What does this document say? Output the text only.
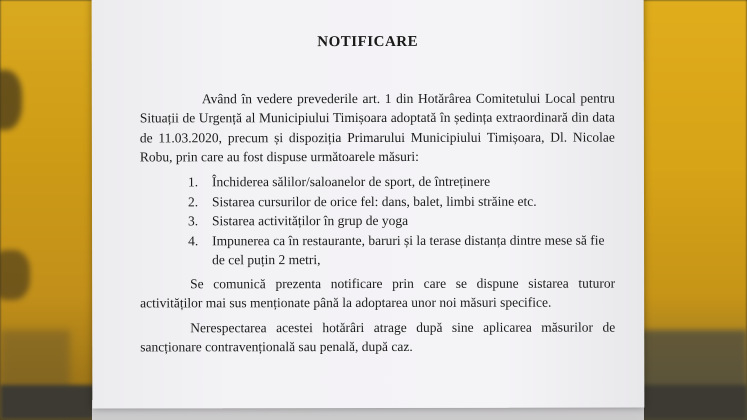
NOTIFICARE

Având în vedere prevederile art. 1 din Hotărârea Comitetului Local pentru Situații de Urgență al Municipiului Timișoara adoptată în ședința extraordinară din data de 11.03.2020, precum și dispoziția Primarului Municipiului Timișoara, Dl. Nicolae Robu, prin care au fost dispuse următoarele măsuri:

1. Închiderea sălilor/saloanelor de sport, de întreținere
2. Sistarea cursurilor de orice fel: dans, balet, limbi străine etc.
3. Sistarea activităților în grup de yoga
4. Impunerea ca în restaurante, baruri și la terase distanța dintre mese să fie de cel puțin 2 metri,

Se comunică prezenta notificare prin care se dispune sistarea tuturor activităților mai sus menționate până la adoptarea unor noi măsuri specifice.

Nerespectarea acestei hotărâri atrage după sine aplicarea măsurilor de sancționare contravențională sau penală, după caz.
